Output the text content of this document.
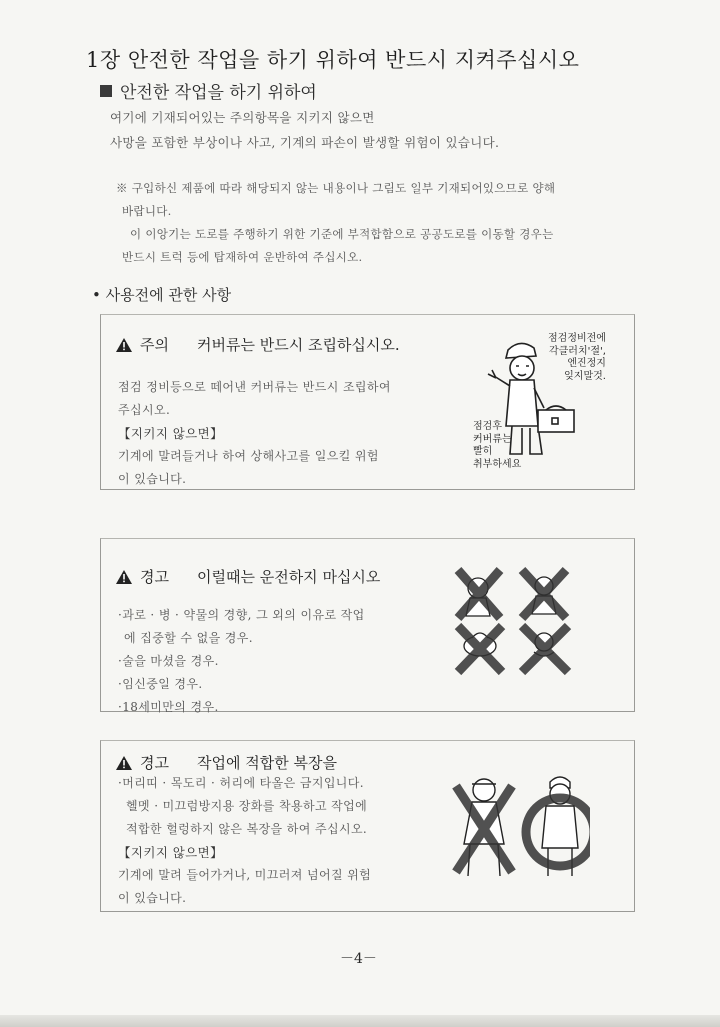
1장 안전한 작업을 하기 위하여 반드시 지켜주십시오
안전한 작업을 하기 위하여
여기에 기재되어있는 주의항목을 지키지 않으면
사망을 포함한 부상이나 사고, 기계의 파손이 발생할 위험이 있습니다.
※ 구입하신 제품에 따라 해당되지 않는 내용이나 그림도 일부 기재되어있으므로 양해
바랍니다.
이 이앙기는 도로를 주행하기 위한 기준에 부적합함으로 공공도로를 이동할 경우는
반드시 트럭 등에 탑재하여 운반하여 주십시오.
• 사용전에 관한 사항
주의 커버류는 반드시 조립하십시오.
점검 정비등으로 떼어낸 커버류는 반드시 조립하여
주십시오.
【지키지 않으면】
기계에 말려들거나 하여 상해사고를 일으킬 위험
이 있습니다.
점검정비전에
각클러치'절',
엔진정지
잊지말것.
점검후
커버류는
빨히
취부하세요
경고 이럴때는 운전하지 마십시오
·과로 · 병 · 약물의 경향, 그 외의 이유로 작업
에 집중할 수 없을 경우.
·술을 마셨을 경우.
·임신중일 경우.
·18세미만의 경우.
경고 작업에 적합한 복장을
·머리띠 · 목도리 · 허리에 타올은 금지입니다.
헬멧 · 미끄럼방지용 장화를 착용하고 작업에
적합한 헐렁하지 않은 복장을 하여 주십시오.
【지키지 않으면】
기계에 말려 들어가거나, 미끄러져 넘어질 위험
이 있습니다.
－4－
